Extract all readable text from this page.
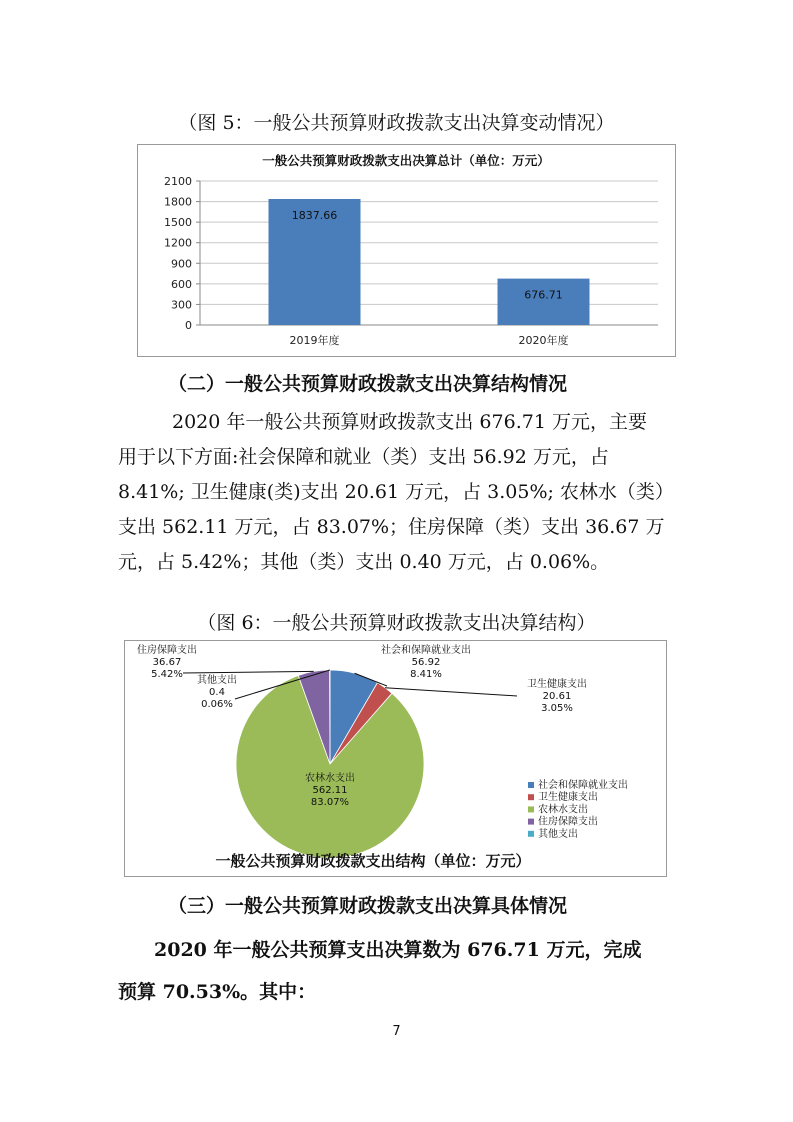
（图 5：一般公共预算财政拨款支出决算变动情况）
一般公共预算财政拨款支出决算总计（单位：万元）
0
300
600
900
1200
1500
1800
2100
1837.66
2019年度
676.71
2020年度
（二）一般公共预算财政拨款支出决算结构情况
2020 年一般公共预算财政拨款支出 676.71 万元，主要
用于以下方面:社会保障和就业（类）支出 56.92 万元，占
8.41%; 卫生健康(类)支出 20.61 万元，占 3.05%; 农林水（类）
支出 562.11 万元，占 83.07%；住房保障（类）支出 36.67 万
元，占 5.42%；其他（类）支出 0.40 万元，占 0.06%。
（图 6：一般公共预算财政拨款支出决算结构）
社会和保障就业支出
56.92
8.41%
卫生健康支出
20.61
3.05%
农林水支出
562.11
83.07%
住房保障支出
36.67
5.42%
其他支出
0.4
0.06%
社会和保障就业支出
卫生健康支出
农林水支出
住房保障支出
其他支出
一般公共预算财政拨款支出结构（单位：万元）
（三）一般公共预算财政拨款支出决算具体情况
2020 年一般公共预算支出决算数为 676.71 万元，完成
预算 70.53%。其中：
7
